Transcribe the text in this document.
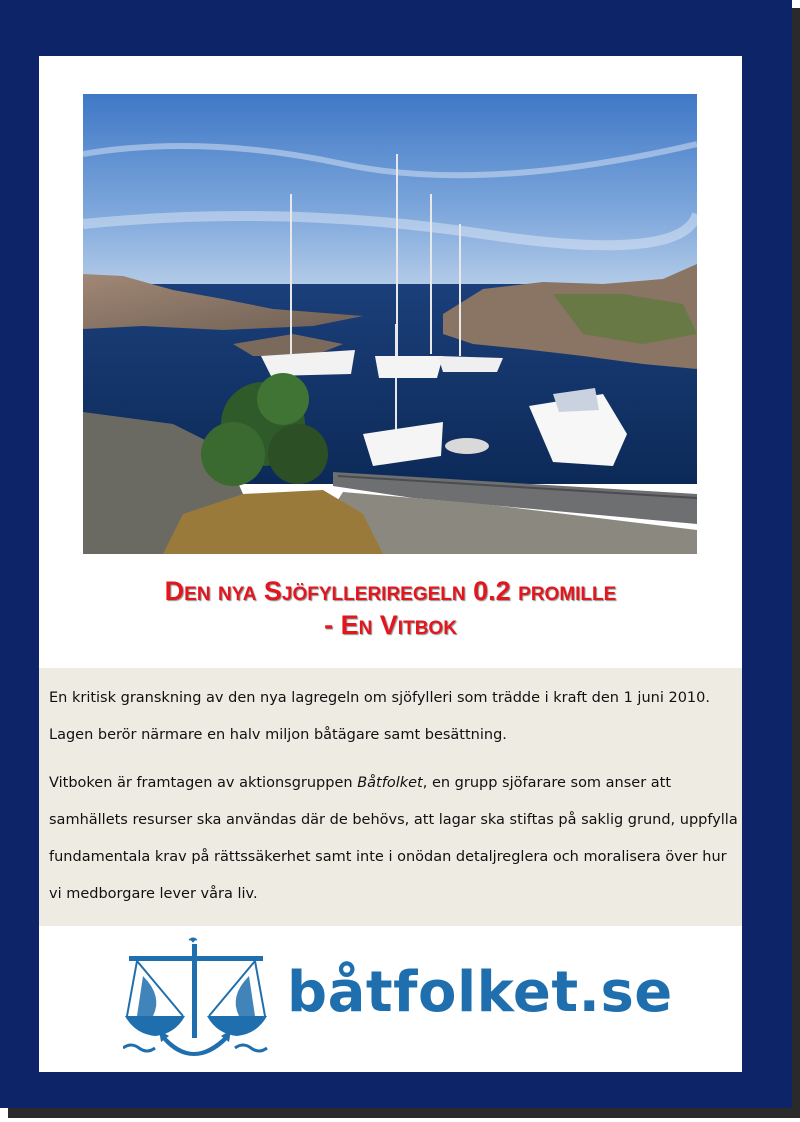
Den nya Sjöfylleriregeln 0.2 promille
- En Vitbok

En kritisk granskning av den nya lagregeln om sjöfylleri som trädde i kraft den 1 juni 2010. Lagen berör närmare en halv miljon båtägare samt besättning.

Vitboken är framtagen av aktionsgruppen Båtfolket, en grupp sjöfarare som anser att samhällets resurser ska användas där de behövs, att lagar ska stiftas på saklig grund, uppfylla fundamentala krav på rättssäkerhet samt inte i onödan detaljreglera och moralisera över hur vi medborgare lever våra liv.

båtfolket.se
